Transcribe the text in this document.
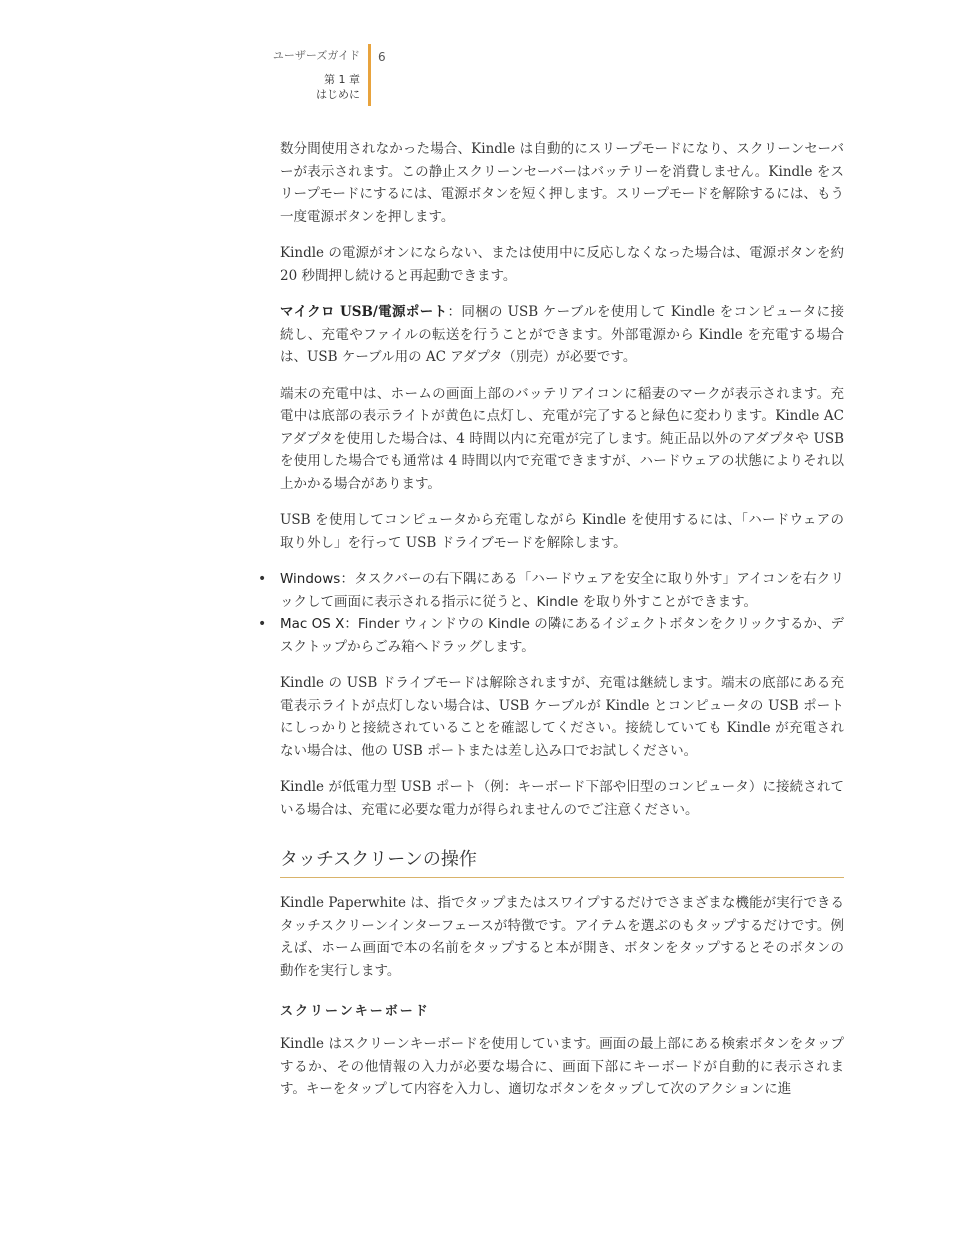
ユーザーズガイド
第 1 章
はじめに
6

数分間使用されなかった場合、Kindle は自動的にスリープモードになり、スクリーンセーバーが表示されます。この静止スクリーンセーバーはバッテリーを消費しません。Kindle をスリープモードにするには、電源ボタンを短く押します。スリープモードを解除するには、もう一度電源ボタンを押します。

Kindle の電源がオンにならない、または使用中に反応しなくなった場合は、電源ボタンを約 20 秒間押し続けると再起動できます。

マイクロ USB/電源ポート：同梱の USB ケーブルを使用して Kindle をコンピュータに接続し、充電やファイルの転送を行うことができます。外部電源から Kindle を充電する場合は、USB ケーブル用の AC アダプタ（別売）が必要です。

端末の充電中は、ホームの画面上部のバッテリアイコンに稲妻のマークが表示されます。充電中は底部の表示ライトが黄色に点灯し、充電が完了すると緑色に変わります。Kindle AC アダプタを使用した場合は、4 時間以内に充電が完了します。純正品以外のアダプタや USB を使用した場合でも通常は 4 時間以内で充電できますが、ハードウェアの状態によりそれ以上かかる場合があります。

USB を使用してコンピュータから充電しながら Kindle を使用するには、「ハードウェアの取り外し」を行って USB ドライブモードを解除します。

• Windows：タスクバーの右下隅にある「ハードウェアを安全に取り外す」アイコンを右クリックして画面に表示される指示に従うと、Kindle を取り外すことができます。
• Mac OS X：Finder ウィンドウの Kindle の隣にあるイジェクトボタンをクリックするか、デスクトップからごみ箱へドラッグします。

Kindle の USB ドライブモードは解除されますが、充電は継続します。端末の底部にある充電表示ライトが点灯しない場合は、USB ケーブルが Kindle とコンピュータの USB ポートにしっかりと接続されていることを確認してください。接続していても Kindle が充電されない場合は、他の USB ポートまたは差し込み口でお試しください。

Kindle が低電力型 USB ポート（例：キーボード下部や旧型のコンピュータ）に接続されている場合は、充電に必要な電力が得られませんのでご注意ください。

タッチスクリーンの操作

Kindle Paperwhite は、指でタップまたはスワイプするだけでさまざまな機能が実行できるタッチスクリーンインターフェースが特徴です。アイテムを選ぶのもタップするだけです。例えば、ホーム画面で本の名前をタップすると本が開き、ボタンをタップするとそのボタンの動作を実行します。

スクリーンキーボード

Kindle はスクリーンキーボードを使用しています。画面の最上部にある検索ボタンをタップするか、その他情報の入力が必要な場合に、画面下部にキーボードが自動的に表示されます。キーをタップして内容を入力し、適切なボタンをタップして次のアクションに進
